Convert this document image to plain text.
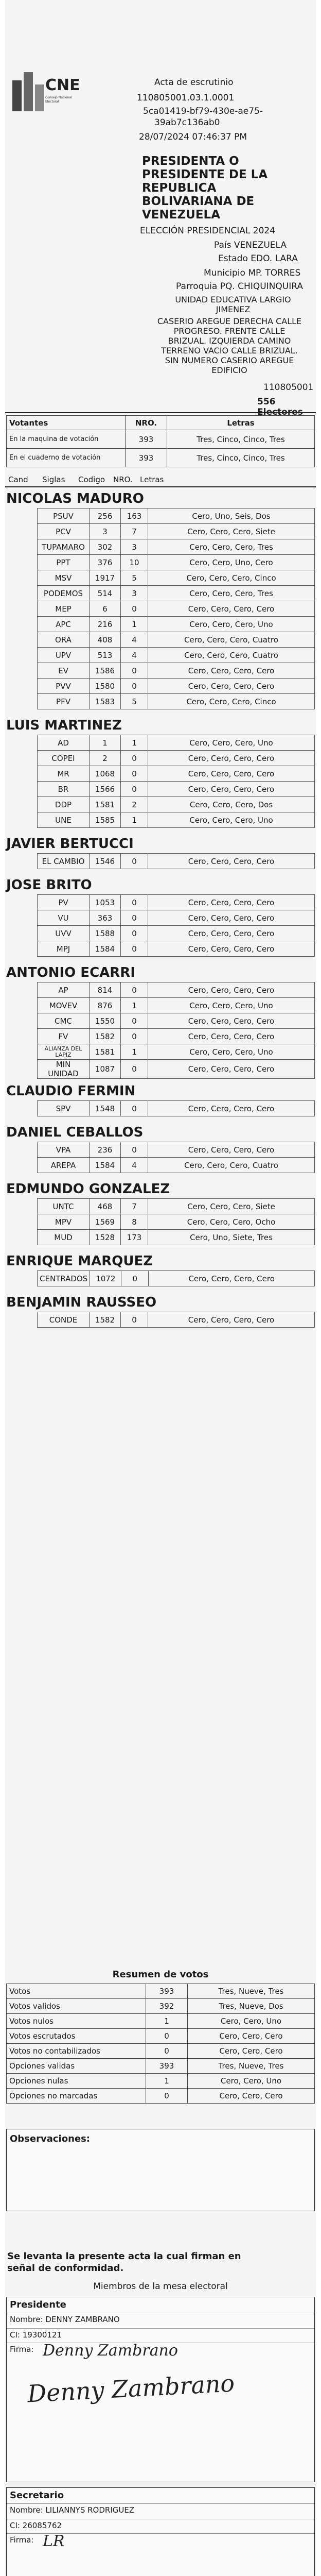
CNE
Consejo Nacional Electoral
Acta de escrutinio
110805001.03.1.0001
5ca01419-bf79-430e-ae75-
39ab7c136ab0
28/07/2024 07:46:37 PM
PRESIDENTA O
PRESIDENTE DE LA
REPUBLICA
BOLIVARIANA DE
VENEZUELA
ELECCIÓN PRESIDENCIAL 2024
País VENEZUELA
Estado EDO. LARA
Municipio MP. TORRES
Parroquia PQ. CHIQUINQUIRA
UNIDAD EDUCATIVA LARGIO
JIMENEZ
CASERIO AREGUE DERECHA CALLE
PROGRESO. FRENTE CALLE
BRIZUAL. IZQUIERDA CAMINO
TERRENO VACIO CALLE BRIZUAL.
SIN NUMERO CASERIO AREGUE
EDIFICIO
110805001
556 Electores
Votantes	NRO.	Letras
En la maquina de votación	393	Tres, Cinco, Cinco, Tres
En el cuaderno de votación	393	Tres, Cinco, Cinco, Tres
Cand Siglas Codigo NRO. Letras
NICOLAS MADURO
PSUV	256	163	Cero, Uno, Seis, Dos
PCV	3	7	Cero, Cero, Cero, Siete
TUPAMARO	302	3	Cero, Cero, Cero, Tres
PPT	376	10	Cero, Cero, Uno, Cero
MSV	1917	5	Cero, Cero, Cero, Cinco
PODEMOS	514	3	Cero, Cero, Cero, Tres
MEP	6	0	Cero, Cero, Cero, Cero
APC	216	1	Cero, Cero, Cero, Uno
ORA	408	4	Cero, Cero, Cero, Cuatro
UPV	513	4	Cero, Cero, Cero, Cuatro
EV	1586	0	Cero, Cero, Cero, Cero
PVV	1580	0	Cero, Cero, Cero, Cero
PFV	1583	5	Cero, Cero, Cero, Cinco
LUIS MARTINEZ
AD	1	1	Cero, Cero, Cero, Uno
COPEI	2	0	Cero, Cero, Cero, Cero
MR	1068	0	Cero, Cero, Cero, Cero
BR	1566	0	Cero, Cero, Cero, Cero
DDP	1581	2	Cero, Cero, Cero, Dos
UNE	1585	1	Cero, Cero, Cero, Uno
JAVIER BERTUCCI
EL CAMBIO	1546	0	Cero, Cero, Cero, Cero
JOSE BRITO
PV	1053	0	Cero, Cero, Cero, Cero
VU	363	0	Cero, Cero, Cero, Cero
UVV	1588	0	Cero, Cero, Cero, Cero
MPJ	1584	0	Cero, Cero, Cero, Cero
ANTONIO ECARRI
AP	814	0	Cero, Cero, Cero, Cero
MOVEV	876	1	Cero, Cero, Cero, Uno
CMC	1550	0	Cero, Cero, Cero, Cero
FV	1582	0	Cero, Cero, Cero, Cero
ALIANZA DEL LAPIZ	1581	1	Cero, Cero, Cero, Uno
MIN UNIDAD	1087	0	Cero, Cero, Cero, Cero
CLAUDIO FERMIN
SPV	1548	0	Cero, Cero, Cero, Cero
DANIEL CEBALLOS
VPA	236	0	Cero, Cero, Cero, Cero
AREPA	1584	4	Cero, Cero, Cero, Cuatro
EDMUNDO GONZALEZ
UNTC	468	7	Cero, Cero, Cero, Siete
MPV	1569	8	Cero, Cero, Cero, Ocho
MUD	1528	173	Cero, Uno, Siete, Tres
ENRIQUE MARQUEZ
CENTRADOS	1072	0	Cero, Cero, Cero, Cero
BENJAMIN RAUSSEO
CONDE	1582	0	Cero, Cero, Cero, Cero
Resumen de votos
Votos	393	Tres, Nueve, Tres
Votos validos	392	Tres, Nueve, Dos
Votos nulos	1	Cero, Cero, Uno
Votos escrutados	0	Cero, Cero, Cero
Votos no contabilizados	0	Cero, Cero, Cero
Opciones validas	393	Tres, Nueve, Tres
Opciones nulas	1	Cero, Cero, Uno
Opciones no marcadas	0	Cero, Cero, Cero
Observaciones:
Se levanta la presente acta la cual firman en
señal de conformidad.
Miembros de la mesa electoral
Presidente
Nombre: DENNY ZAMBRANO
CI: 19300121
Firma: Denny Zambrano
Denny Zambrano
Secretario
Nombre: LILIANNYS RODRIGUEZ
CI: 26085762
Firma: LR
